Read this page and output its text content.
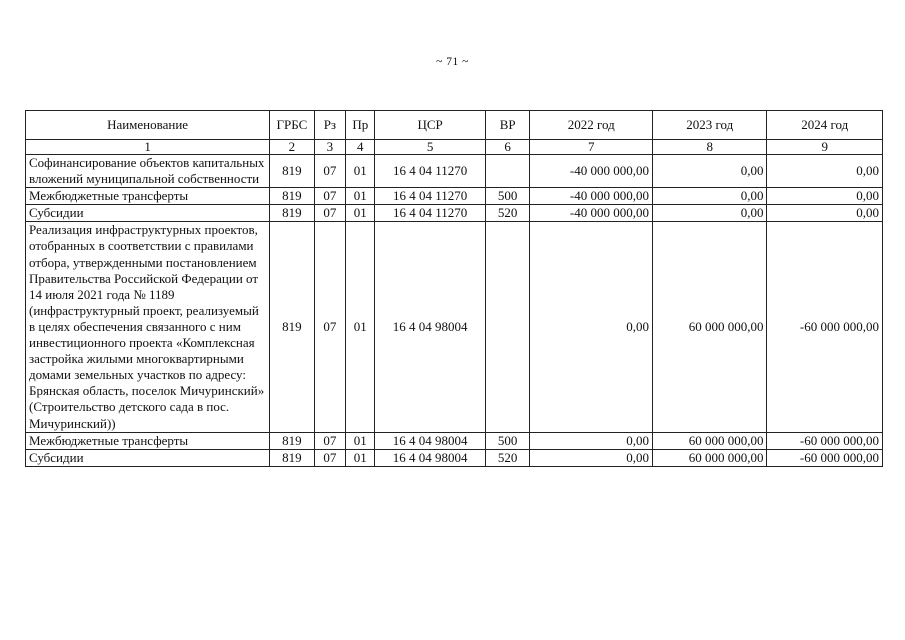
~ 71 ~
Наименование	ГРБС	Рз	Пр	ЦСР	ВР	2022 год	2023 год	2024 год
1	2	3	4	5	6	7	8	9
Софинансирование объектов капитальных вложений муниципальной собственности	819	07	01	16 4 04 11270		-40 000 000,00	0,00	0,00
Межбюджетные трансферты	819	07	01	16 4 04 11270	500	-40 000 000,00	0,00	0,00
Субсидии	819	07	01	16 4 04 11270	520	-40 000 000,00	0,00	0,00
Реализация инфраструктурных проектов, отобранных в соответствии с правилами отбора, утвержденными постановлением Правительства Российской Федерации от 14 июля 2021 года № 1189 (инфраструктурный проект, реализуемый в целях обеспечения связанного с ним инвестиционного проекта «Комплексная застройка жилыми многоквартирными домами земельных участков по адресу: Брянская область, поселок Мичуринский» (Строительство детского сада в пос. Мичуринский))	819	07	01	16 4 04 98004		0,00	60 000 000,00	-60 000 000,00
Межбюджетные трансферты	819	07	01	16 4 04 98004	500	0,00	60 000 000,00	-60 000 000,00
Субсидии	819	07	01	16 4 04 98004	520	0,00	60 000 000,00	-60 000 000,00
